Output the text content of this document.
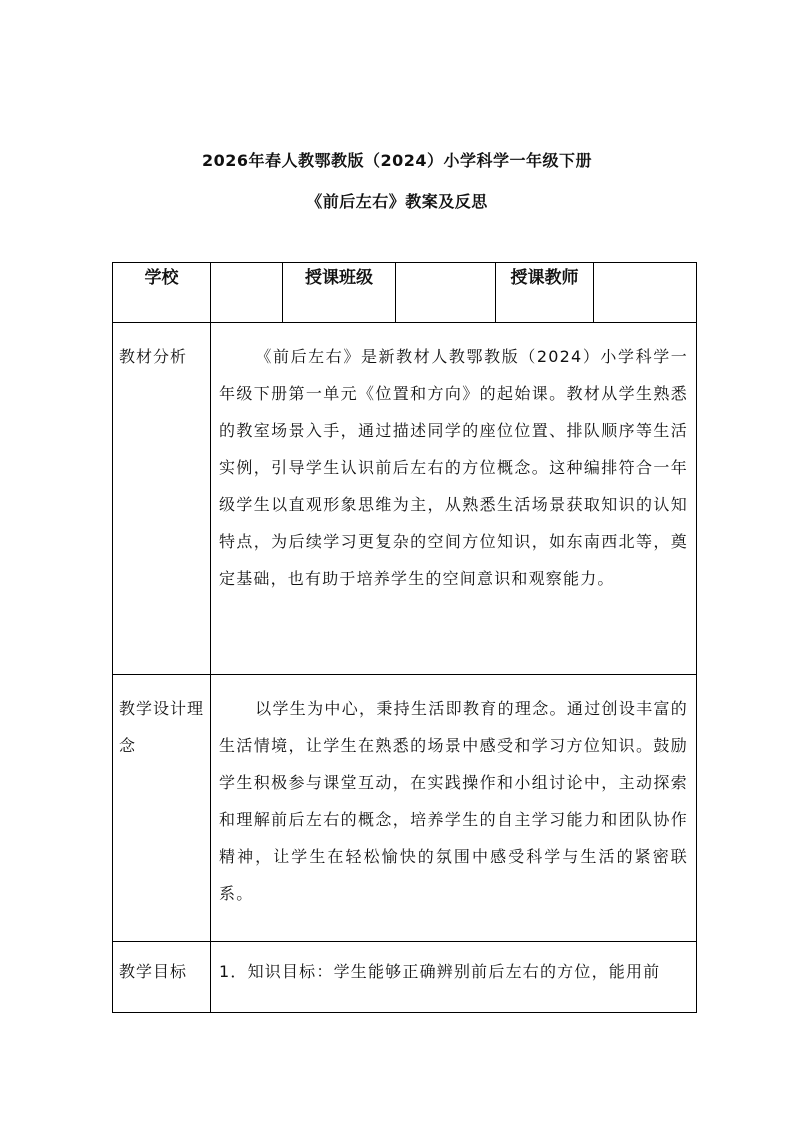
2026年春人教鄂教版（2024）小学科学一年级下册
《前后左右》教案及反思
学校		授课班级		授课教师	
教材分析	《前后左右》是新教材人教鄂教版（2024）小学科学一年级下册第一单元《位置和方向》的起始课。教材从学生熟悉的教室场景入手，通过描述同学的座位位置、排队顺序等生活实例，引导学生认识前后左右的方位概念。这种编排符合一年级学生以直观形象思维为主，从熟悉生活场景获取知识的认知特点，为后续学习更复杂的空间方位知识，如东南西北等，奠定基础，也有助于培养学生的空间意识和观察能力。				
教学设计理念	以学生为中心，秉持生活即教育的理念。通过创设丰富的生活情境，让学生在熟悉的场景中感受和学习方位知识。鼓励学生积极参与课堂互动，在实践操作和小组讨论中，主动探索和理解前后左右的概念，培养学生的自主学习能力和团队协作精神，让学生在轻松愉快的氛围中感受科学与生活的紧密联系。				
教学目标	1．知识目标：学生能够正确辨别前后左右的方位，能用前				
